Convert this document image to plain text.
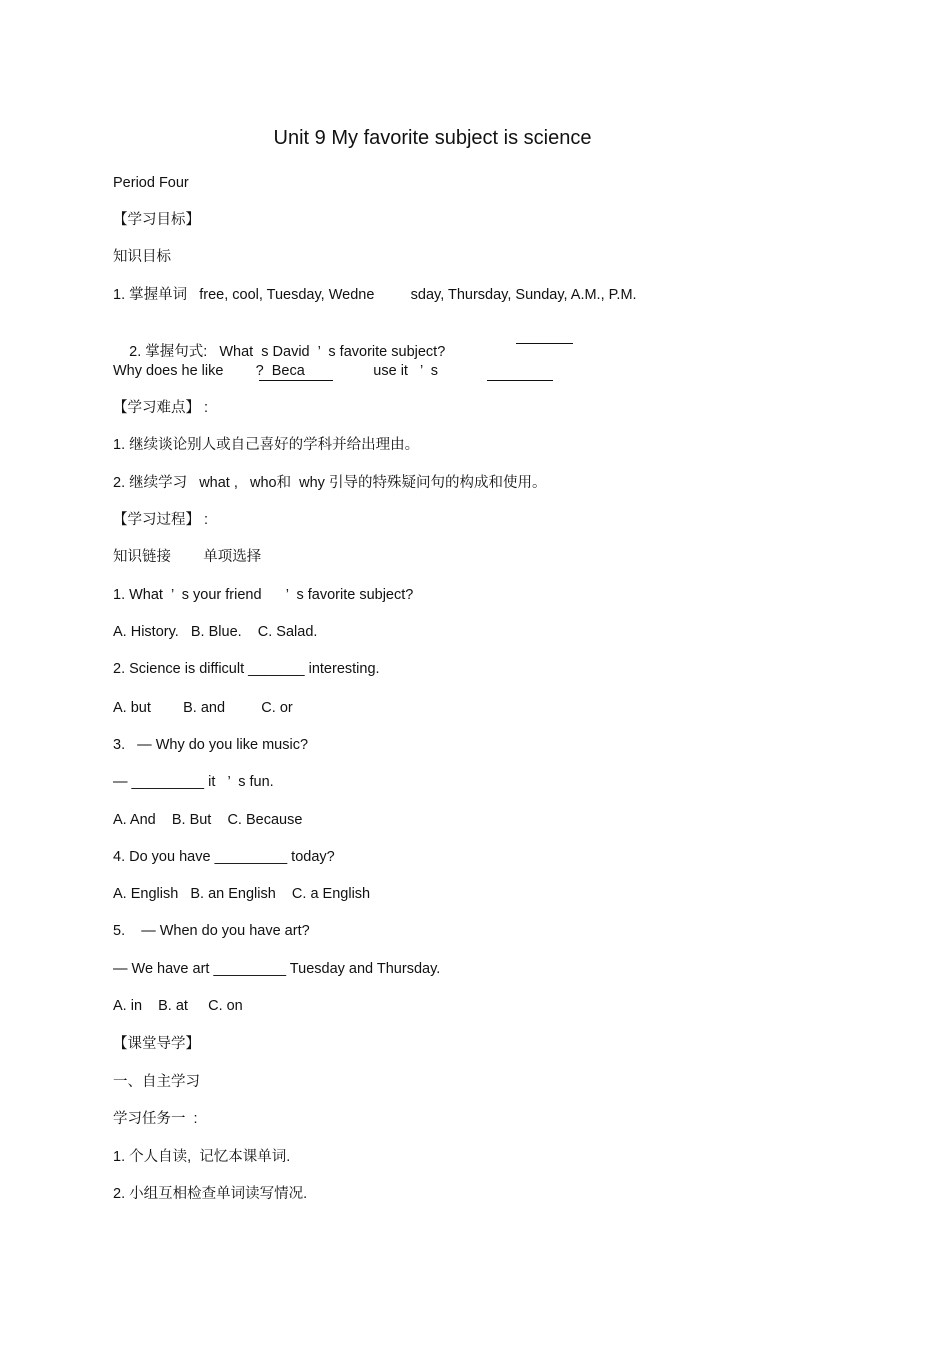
Unit 9 My favorite subject is science
Period Four
【学习目标】
知识目标
1. 掌握单词   free, cool, Tuesday, Wedne         sday, Thursday, Sunday, A.M., P.M.

2. 掌握句式:   What  s David  ’  s favorite subject?

Why does he like        ?  Beca                 use it   ’  s
【学习难点】 :
1. 继续谈论别人或自己喜好的学科并给出理由。
2. 继续学习   what ,   who和  why 引导的特殊疑问句的构成和使用。
【学习过程】 :
知识链接        单项选择
1. What  ’  s your friend      ’  s favorite subject?
A. History.   B. Blue.    C. Salad.
2. Science is difficult _______ interesting.
A. but        B. and         C. or
3.   — Why do you like music?
— _________ it   ’  s fun.
A. And    B. But    C. Because
4. Do you have _________ today?
A. English   B. an English    C. a English
5.    — When do you have art?
— We have art _________ Tuesday and Thursday.
A. in    B. at     C. on
【课堂导学】
一、自主学习
学习任务一  :
1. 个人自读,  记忆本课单词.
2. 小组互相检查单词读写情况.
